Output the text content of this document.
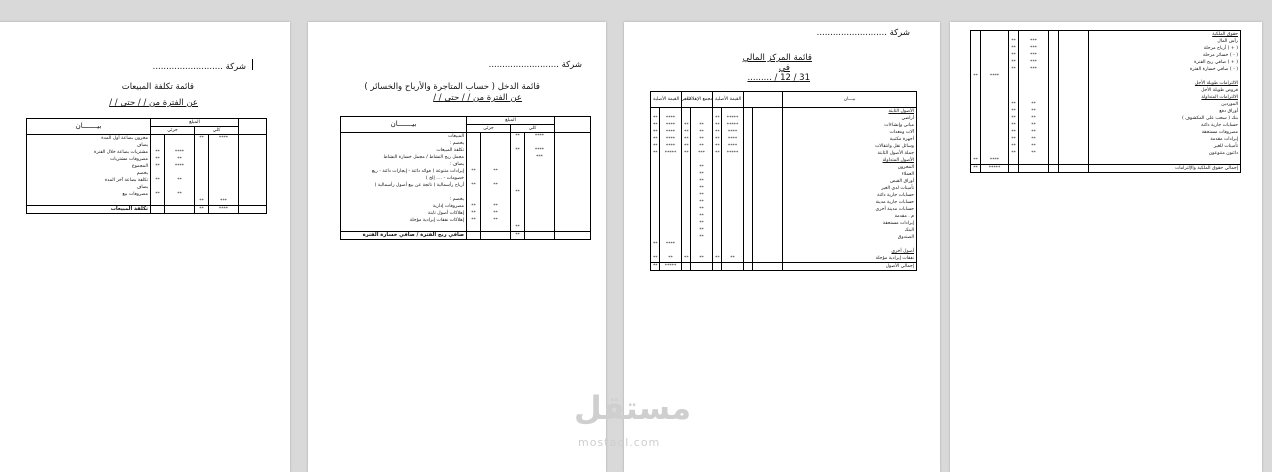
شركة ..........................
قائمة تكلفة المبيعات
عن الفترة من / / حتى / /
بيـــــــان	المبلغ				
	جزئي		كلي		
مخزون بضاعة أول المدة			**	****	
يضاف					
مشتريات بضاعة خلال الفترة	**	****			
مصروفات مشتريات	**	**			

المجموع	**	****			
يخصم					
تكلفة بضاعة آخر المدة	**	**			
يضاف					
مصروفات بيع	**	**			
			**	***	

تكلفة المبيعات			**	****	
شركة ..........................
قائمة الدخل ( حساب المتاجرة والأرباح والخسائر )
عن الفترة من / / حتى / /
بيـــــــان	المبلغ				
	جزئي		كلي		
المبيعات			**	****	

يخصم :					
تكلفة المبيعات			**	****	
مجمل ربح النشاط / مجمل خسارة النشاط				***	

يضاف :					
إيرادات متنوعة ( فوائد دائنة - إيجارات دائنة - ريع	**	**			
خصومات - .... إلخ )					
أرباح رأسمالية ( ناتجة عن بيع أصول رأسمالية )	**	**			
			**		

يخصم :					
مصروفات إدارية	**	**			
إهلاكات أصول ثابتة	**	**			
إهلاكات نفقات إيرادية مؤجلة	**	**			
			**		

صافي ربح الفترة / صافي خسارة الفترة			**		
شركة ..........................
قائمة المركز المالي
في
31 / 12 / .........
صافي القيمة الأصلية		مجمع الإهلاكات		القيمة الأصلية				بيـــان
								الأصول الثابتة
**	****			**	*****			أراضي
**	****	**	**	**	*****			مباني وإنشاءات
**	****	**	**	**	****			آلات ومعدات
**	****	**	**	**	****			أجهزة مكتبية
**	****	**	**	**	****			وسائل نقل وانتقالات
**	*****	**	***	**	*****			جملة الأصول الثابتة

								الأصول المتداولة
			**					المخزون
			**					العملاء
			**					أوراق القبض
			**					تأمينات لدى الغير
			**					حسابات جارية دائنة
			**					حسابات جارية مدينة
			**					حسابات مدينة أخرى
			**					م . مقدمة
			**					إيرادات مستحقة
			**					البنك
			**					الصندوق
**	****							

								أصول أخرى
**	**	**	**	**	**			نفقات إيرادية مؤجلة

**	*****							إجمالي الأصول
						حقوق الملكية
		**	***			رأس المال
		**	***			( + ) أرباح مرحلة
		**	***			( - ) خسائر مرحلة
		**	***			( + ) صافي ربح الفترة
		**	***			( - ) صافي خسارة الفترة
**	****					

						الالتزامات طويلة الأجل
						قروض طويلة الأجل

						الالتزامات المتداولة
		**	**			الموردين
		**	**			أوراق دفع
		**	**			بنك ( سحب على المكشوف )
		**	**			حسابات جارية دائنة
		**	**			مصروفات مستحقة
		**	**			إيرادات مقدمة
		**	**			تأمينات للغير
		**	**			دائنون متنوعون
**	****					

**	*****					إجمالي حقوق الملكية والإلتزامات
مستقل
mostaql.com
